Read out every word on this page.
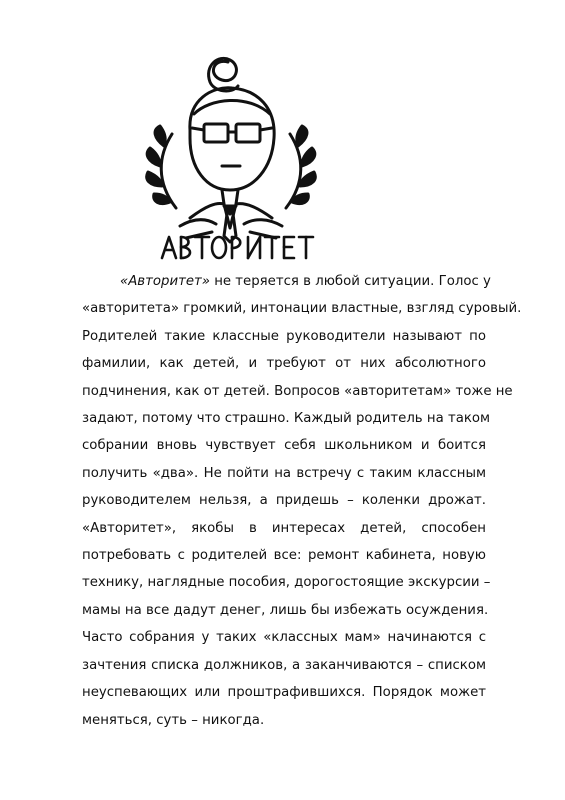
«Авторитет» не теряется в любой ситуации. Голос у
«авторитета» громкий, интонации властные, взгляд суровый.
Родителей такие классные руководители называют по
фамилии, как детей, и требуют от них абсолютного
подчинения, как от детей. Вопросов «авторитетам» тоже не
задают, потому что страшно. Каждый родитель на таком
собрании вновь чувствует себя школьником и боится
получить «два». Не пойти на встречу с таким классным
руководителем нельзя, а придешь – коленки дрожат.
«Авторитет», якобы в интересах детей, способен
потребовать с родителей все: ремонт кабинета, новую
технику, наглядные пособия, дорогостоящие экскурсии –
мамы на все дадут денег, лишь бы избежать осуждения.
Часто собрания у таких «классных мам» начинаются с
зачтения списка должников, а заканчиваются – списком
неуспевающих или проштрафившихся. Порядок может
меняться, суть – никогда.
